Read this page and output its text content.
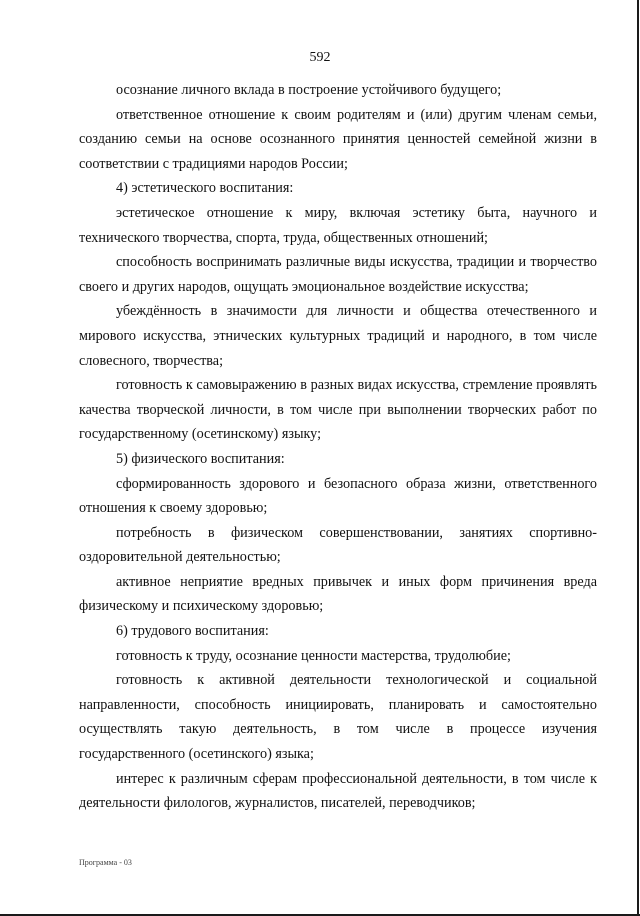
592

осознание личного вклада в построение устойчивого будущего;

ответственное отношение к своим родителям и (или) другим членам семьи, созданию семьи на основе осознанного принятия ценностей семейной жизни в соответствии с традициями народов России;

4) эстетического воспитания:

эстетическое отношение к миру, включая эстетику быта, научного и технического творчества, спорта, труда, общественных отношений;

способность воспринимать различные виды искусства, традиции и творчество своего и других народов, ощущать эмоциональное воздействие искусства;

убеждённость в значимости для личности и общества отечественного и мирового искусства, этнических культурных традиций и народного, в том числе словесного, творчества;

готовность к самовыражению в разных видах искусства, стремление проявлять качества творческой личности, в том числе при выполнении творческих работ по государственному (осетинскому) языку;

5) физического воспитания:

сформированность здорового и безопасного образа жизни, ответственного отношения к своему здоровью;

потребность в физическом совершенствовании, занятиях спортивно-оздоровительной деятельностью;

активное неприятие вредных привычек и иных форм причинения вреда физическому и психическому здоровью;

6) трудового воспитания:

готовность к труду, осознание ценности мастерства, трудолюбие;

готовность к активной деятельности технологической и социальной направленности, способность инициировать, планировать и самостоятельно осуществлять такую деятельность, в том числе в процессе изучения государственного (осетинского) языка;

интерес к различным сферам профессиональной деятельности, в том числе к деятельности филологов, журналистов, писателей, переводчиков;

Программа - 03
